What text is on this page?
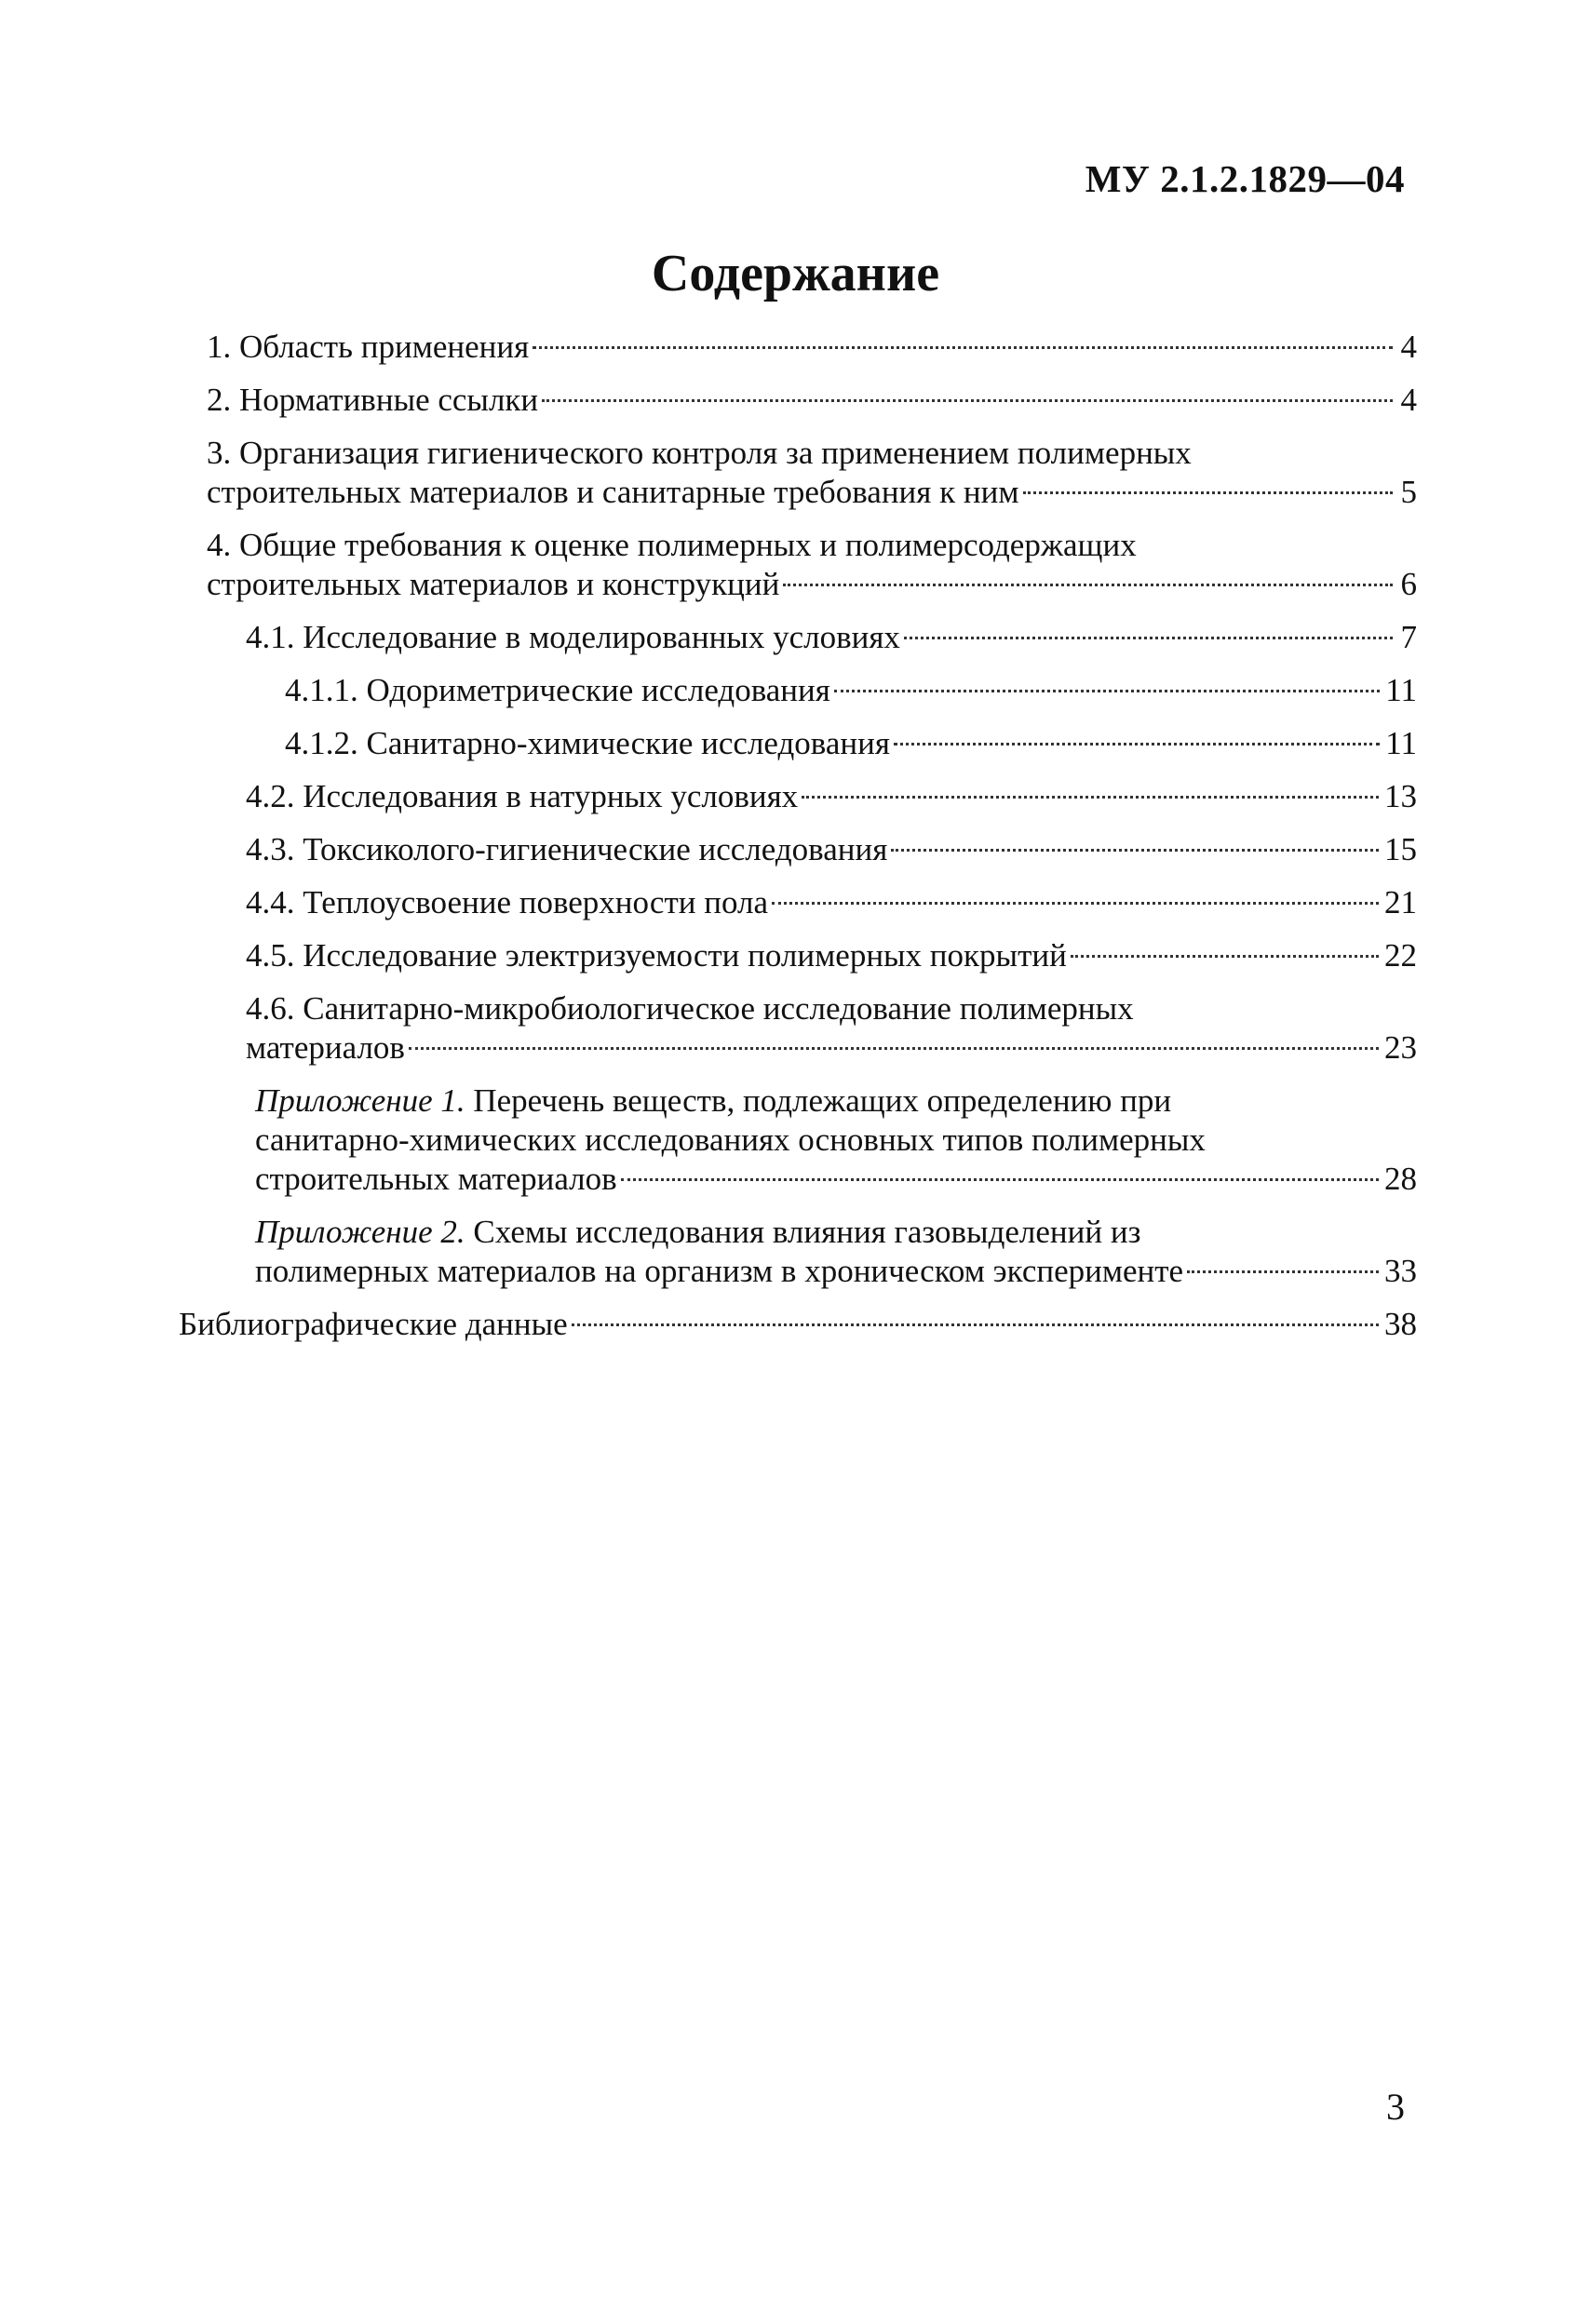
МУ 2.1.2.1829—04
Содержание
1. Область применения	4
2. Нормативные ссылки	4
3. Организация гигиенического контроля за применением полимерных
строительных материалов и санитарные требования к ним	5
4. Общие требования к оценке полимерных и полимерсодержащих
строительных материалов и конструкций	6
4.1. Исследование в моделированных условиях	7
4.1.1. Одориметрические исследования	11
4.1.2. Санитарно-химические исследования	11
4.2. Исследования в натурных условиях	13
4.3. Токсиколого-гигиенические исследования	15
4.4. Теплоусвоение поверхности пола	21
4.5. Исследование электризуемости полимерных покрытий	22
4.6. Санитарно-микробиологическое исследование полимерных
материалов	23
Приложение 1. Перечень веществ, подлежащих определению при
санитарно-химических исследованиях основных типов полимерных
строительных материалов	28
Приложение 2. Схемы исследования влияния газовыделений из
полимерных материалов на организм в хроническом эксперименте	33
Библиографические данные	38
3
